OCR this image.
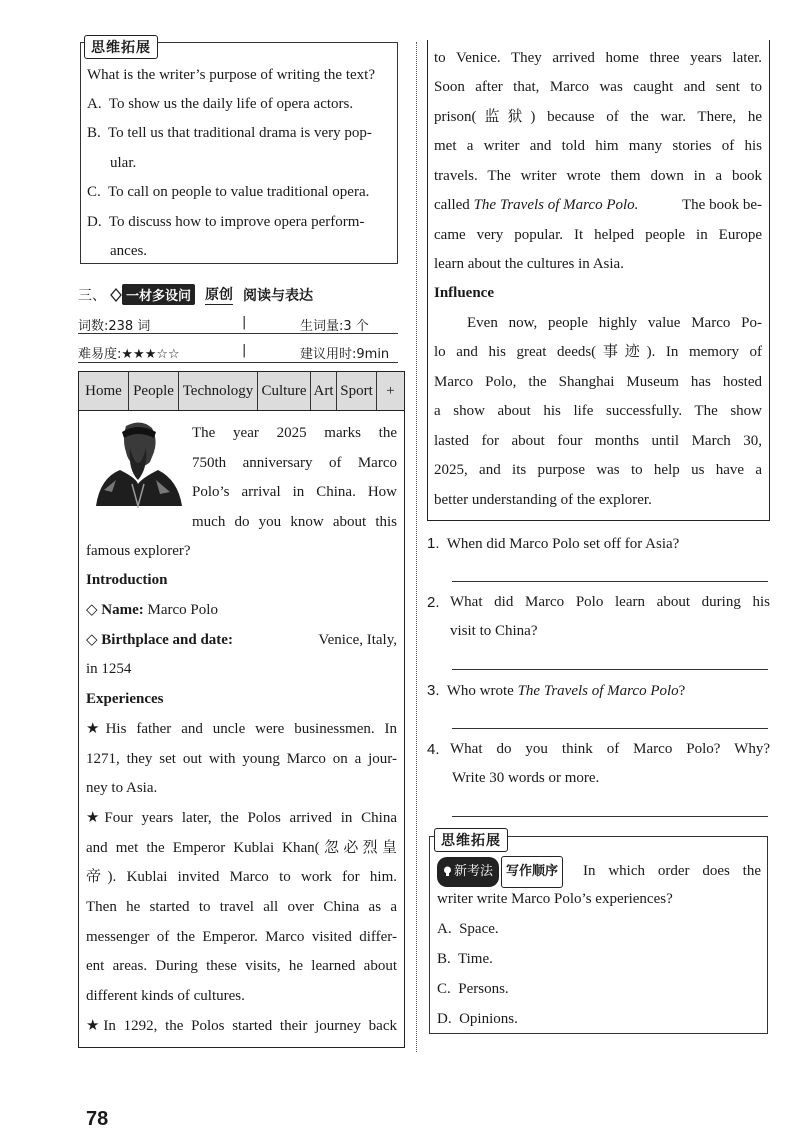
思维拓展
What is the writer’s purpose of writing the text?
A. To show us the daily life of opera actors.
B. To tell us that traditional drama is very pop-
ular.
C. To call on people to value traditional opera.
D. To discuss how to improve opera perform-
ances.
三、	一材多设问 原创 阅读与表达
词数:238 词	|	生词量:3 个
难易度:★★★☆☆	|	建议用时:9min
Home People Technology Culture Art Sport +
The year 2025 marks the
750th anniversary of Marco
Polo’s arrival in China. How
much do you know about this
famous explorer?
Introduction
◇ Name: Marco Polo
◇ Birthplace and date:	Venice, Italy,
in 1254
Experiences
★His father and uncle were businessmen. In
1271, they set out with young Marco on a jour-
ney to Asia.
★Four years later, the Polos arrived in China
and met the Emperor Kublai Khan(忽必烈皇
帝). Kublai invited Marco to work for him.
Then he started to travel all over China as a
messenger of the Emperor. Marco visited differ-
ent areas. During these visits, he learned about
different kinds of cultures.
★In 1292, the Polos started their journey back
to Venice. They arrived home three years later.
Soon after that, Marco was caught and sent to
prison(监狱) because of the war. There, he
met a writer and told him many stories of his
travels. The writer wrote them down in a book
called The Travels of Marco Polo.	The book be-
came very popular. It helped people in Europe
learn about the cultures in Asia.
Influence
Even now, people highly value Marco Po-
lo and his great deeds(事迹). In memory of
Marco Polo, the Shanghai Museum has hosted
a show about his life successfully. The show
lasted for about four months until March 30,
2025, and its purpose was to help us have a
better understanding of the explorer.
1. When did Marco Polo set off for Asia?
2. What did Marco Polo learn about during his
visit to China?
3. Who wrote The Travels of Marco Polo?
4. What do you think of Marco Polo? Why?
Write 30 words or more.
思维拓展
新考法	写作顺序	In which order does the
writer write Marco Polo’s experiences?
A. Space.
B. Time.
C. Persons.
D. Opinions.
78
